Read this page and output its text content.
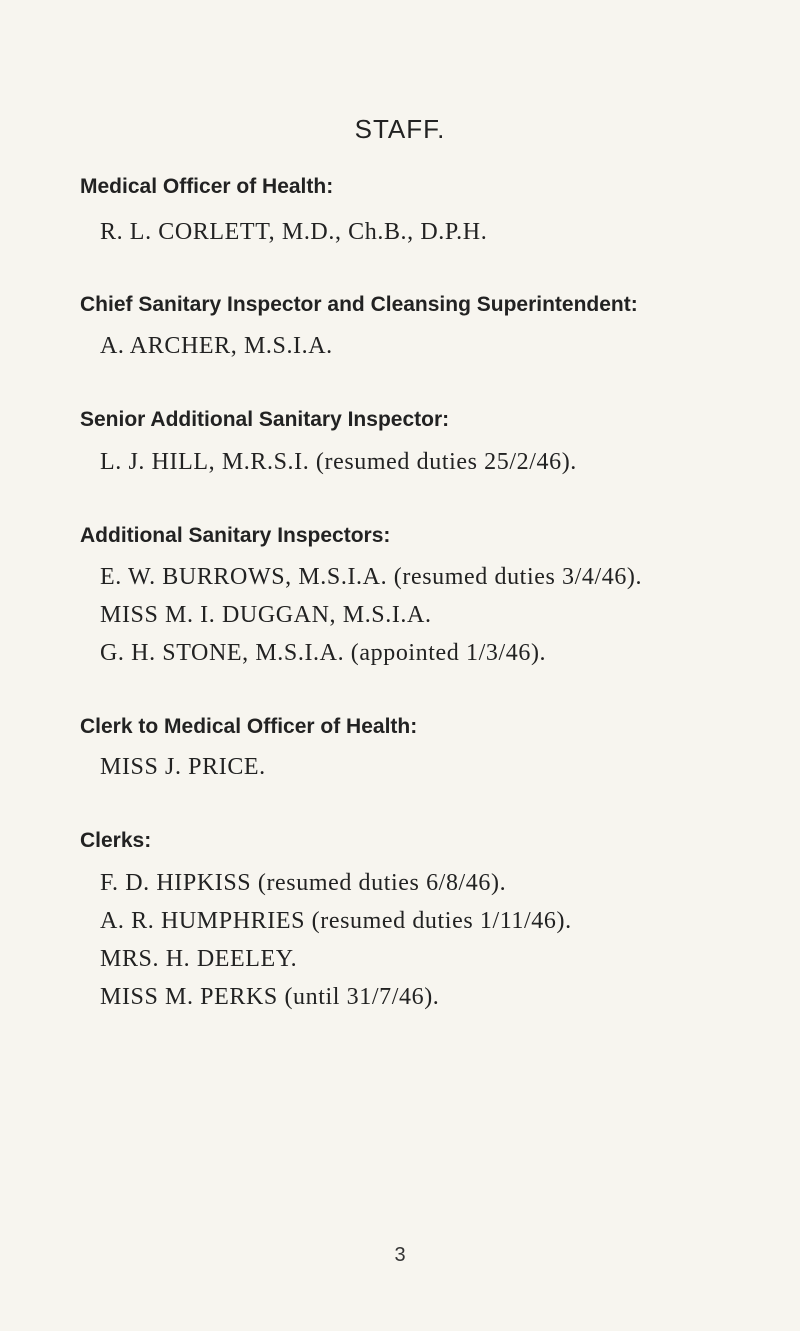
STAFF.
Medical Officer of Health:
R. L. CORLETT, M.D., Ch.B., D.P.H.
Chief Sanitary Inspector and Cleansing Superintendent:
A. ARCHER, M.S.I.A.
Senior Additional Sanitary Inspector:
L. J. HILL, M.R.S.I. (resumed duties 25/2/46).
Additional Sanitary Inspectors:
E. W. BURROWS, M.S.I.A. (resumed duties 3/4/46).
MISS M. I. DUGGAN, M.S.I.A.
G. H. STONE, M.S.I.A. (appointed 1/3/46).
Clerk to Medical Officer of Health:
MISS J. PRICE.
Clerks:
F. D. HIPKISS (resumed duties 6/8/46).
A. R. HUMPHRIES (resumed duties 1/11/46).
MRS. H. DEELEY.
MISS M. PERKS (until 31/7/46).
3
